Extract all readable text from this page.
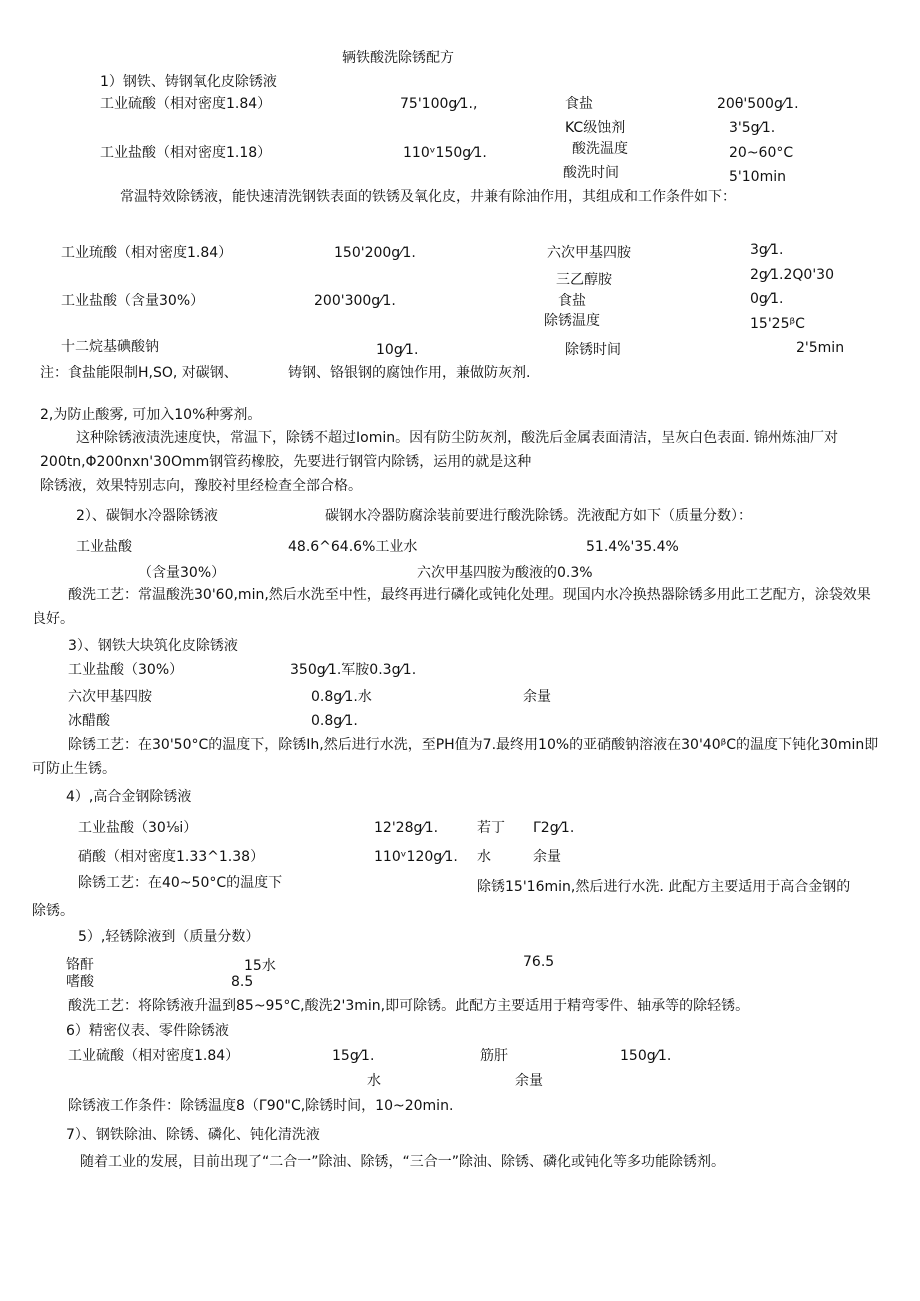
辆铁酸洗除锈配方
1）钢铁、铸钢氧化皮除锈液
工业硫酸（相对密度1.84）	75'100g⁄1.,	食盐	20θ'500g⁄1.
KC级蚀剂	3'5g⁄1.
工业盐酸（相对密度1.18）	110ᵛ150g⁄1.	酸洗温度	20~60°C
酸洗时间	5'10min
常温特效除锈液，能快速清洗钢铁表面的铁锈及氧化皮，井兼有除油作用，其组成和工作条件如下：
工业琉酸（相对密度1.84）	150'200g⁄1.	六次甲基四胺	3g⁄1.
三乙醇胺	2g⁄1.2Q0'30
工业盐酸（含量30%）	200'300g⁄1.	食盐	0g⁄1.
除锈温度	15'25ᵝC
十二烷基碘酸钠	10g⁄1.	除锈时间	2'5min
注：食盐能限制H,SO, 对碳钢、	铸钢、铬银钢的腐蚀作用，兼做防灰剂.
2,为防止酸雾, 可加入10%种雾剂。
这种除锈液渍洗速度快，常温下，除锈不超过Iomin。因有防尘防灰剂，酸洗后金属表面清洁，呈灰白色表面. 锦州炼油厂对200tn,Φ200nxn'30Omm钢管药橡胶，先要进行钢管内除锈，运用的就是这种
除锈液，效果特别志向，豫胶衬里经检查全部合格。
2）、碳铜水冷器除锈液	碳钢水冷器防腐涂装前要进行酸洗除锈。洗液配方如下（质量分数）：
工业盐酸	48.6^64.6%工业水	51.4%'35.4%
（含量30%）	六次甲基四胺为酸液的0.3%
酸洗工艺：常温酸洗30'60,min,然后水洗至中性，最终再进行磷化或钝化处理。现国内水冷换热器除锈多用此工艺配方，涂袋效果良好。
3）、钢铁大块筑化皮除锈液
工业盐酸（30%）	350g⁄1.军胺0.3g⁄1.
六次甲基四胺	0.8g⁄1.水	余量
冰醋酸	0.8g⁄1.
除锈工艺：在30'50°C的温度下，除锈Ih,然后进行水洗，至PH值为7.最终用10%的亚硝酸钠溶液在30'40ᵝC的温度下钝化30min即可防止生锈。
4）,高合金钢除锈液
工业盐酸（30⅛i）	12'28g⁄1.	若丁 Γ2g⁄1.
硝酸（相对密度1.33^1.38）	110ᵛ120g⁄1. 水	余量
除锈工艺：在40~50°C的温度下	除锈15'16min,然后进行水洗. 此配方主要适用于高合金钢的
除锈。
5）,轻锈除液到（质量分数）
铬酐	15水	76.5
嗜酸	8.5
酸洗工艺：将除锈液升温到85~95°C,酸洗2'3min,即可除锈。此配方主要适用于精弯零件、轴承等的除轻锈。
6）精密仪表、零件除锈液
工业硫酸（相对密度1.84）	15g⁄1.	筋肝	150g⁄1.
水	余量
除锈液工作条件：除锈温度8（Γ90"C,除锈时间，10~20min.
7）、钢铁除油、除锈、磷化、钝化清洗液
随着工业的发展，目前出现了“二合一”除油、除锈，“三合一”除油、除锈、磷化或钝化等多功能除锈剂。
